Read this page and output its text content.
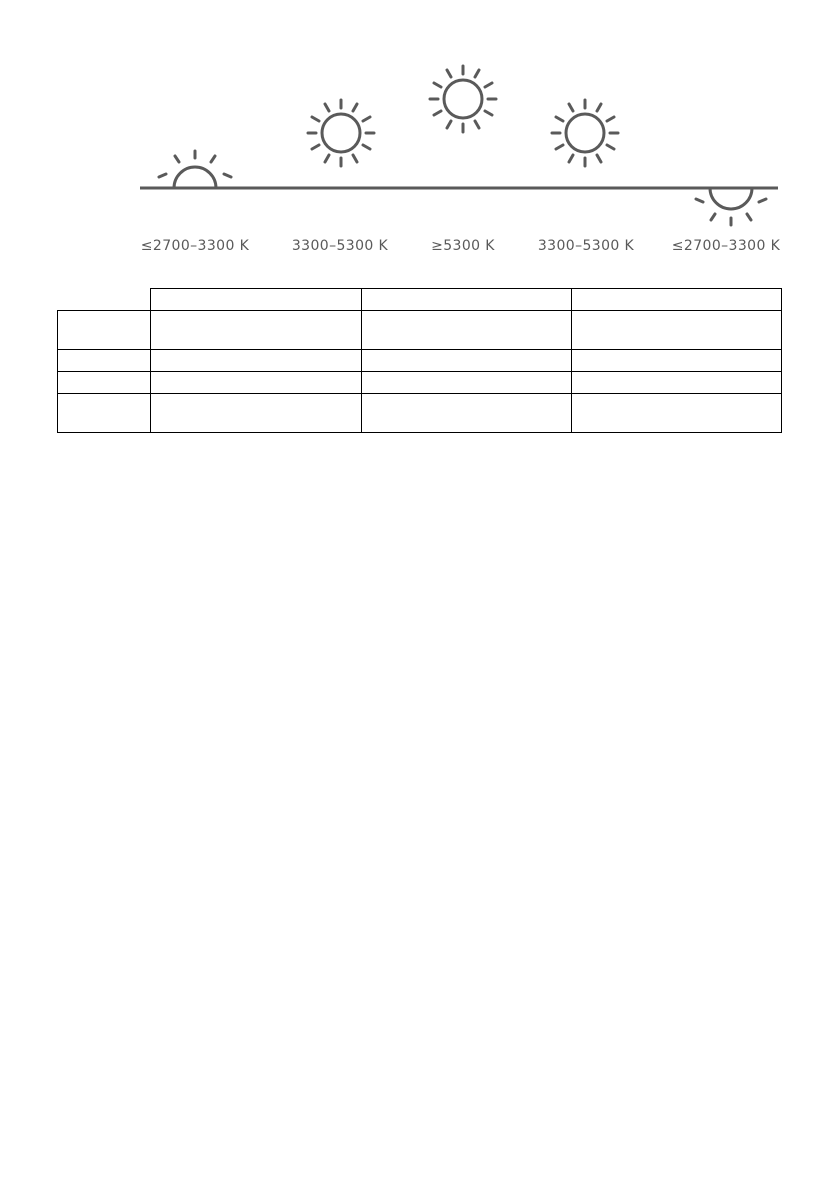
≤2700–3300 K	3300–5300 K	≥5300 K	3300–5300 K	≤2700–3300 K
